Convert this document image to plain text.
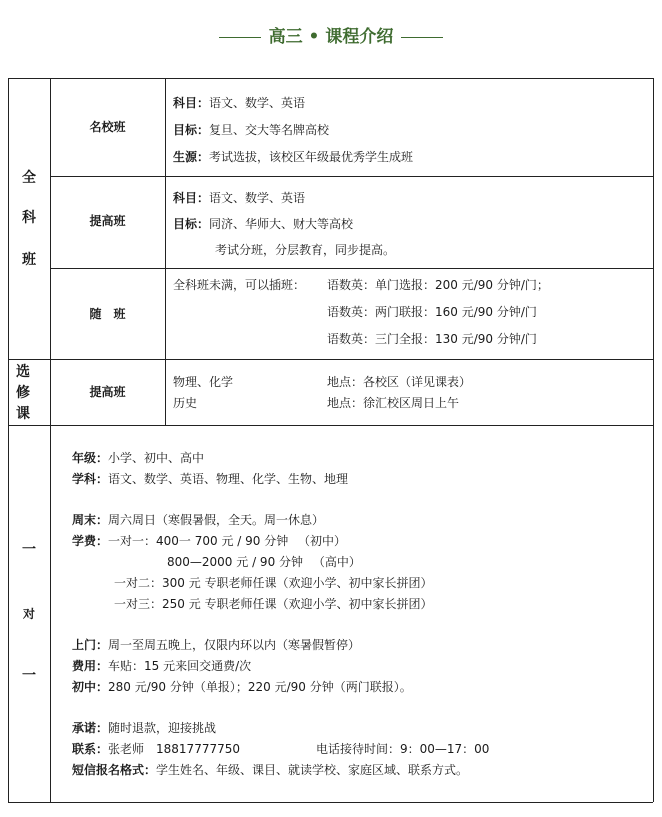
高三 • 课程介绍
全
科
班
名校班
科目：语文、数学、英语
目标：复旦、交大等名牌高校
生源：考试选拔，该校区年级最优秀学生成班
提高班
科目：语文、数学、英语
目标：同济、华师大、财大等高校
考试分班，分层教育，同步提高。
随　班
全科班未满，可以插班： 语数英：单门选报：200 元/90 分钟/门；
语数英：两门联报：160 元/90 分钟/门
语数英：三门全报：130 元/90 分钟/门
选
修
课
提高班
物理、化学
历史
地点：各校区（详见课表）
地点：徐汇校区周日上午
一
对
一
年级：小学、初中、高中
学科：语文、数学、英语、物理、化学、生物、地理
周末：周六周日（寒假暑假，全天。周一休息）
学费：一对一：400一 700 元 / 90 分钟 　（初中）
800—2000 元 / 90 分钟 　（高中）
一对二：300 元 专职老师任课（欢迎小学、初中家长拼团）
一对三：250 元 专职老师任课（欢迎小学、初中家长拼团）
上门：周一至周五晚上，仅限内环以内（寒暑假暂停）
费用：车贴：15 元来回交通费/次
初中：280 元/90 分钟（单报）；220 元/90 分钟（两门联报）。
承诺：随时退款，迎接挑战
联系：张老师　18817777750	电话接待时间：9：00—17：00
短信报名格式：学生姓名、年级、课目、就读学校、家庭区域、联系方式。
